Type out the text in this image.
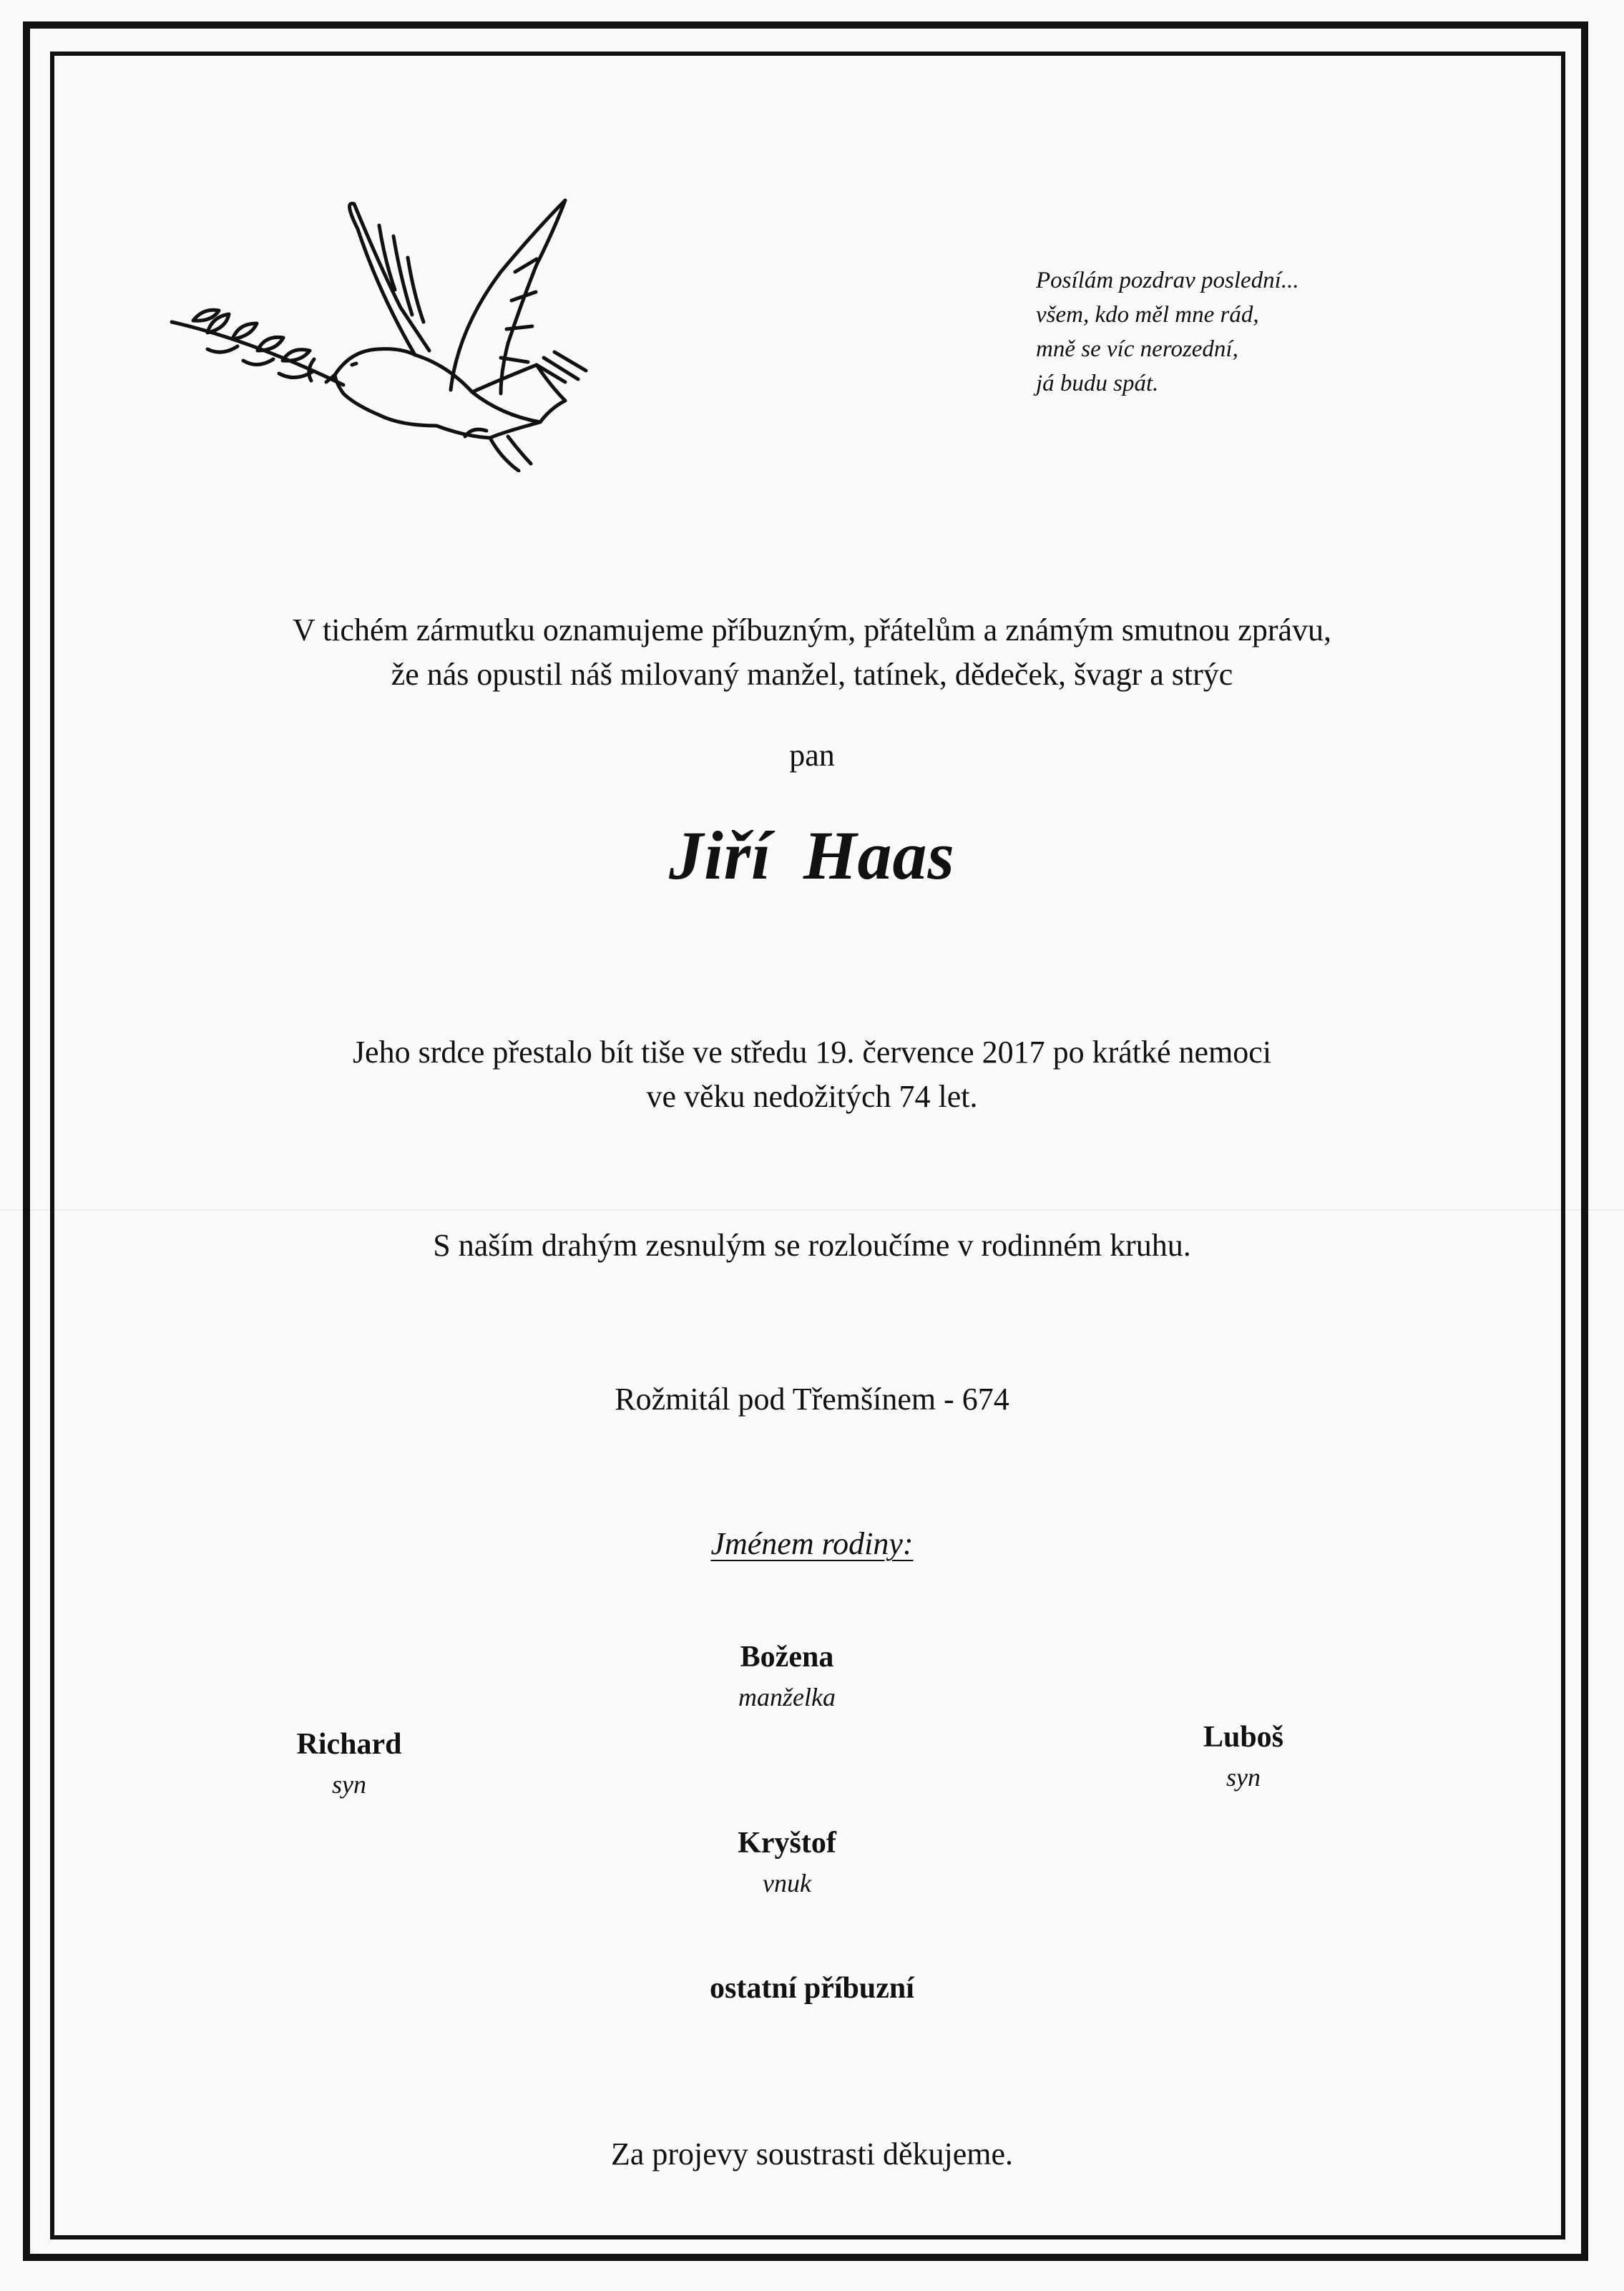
Posílám pozdrav poslední...
všem, kdo měl mne rád,
mně se víc nerozední,
já budu spát.
V tichém zármutku oznamujeme příbuzným, přátelům a známým smutnou zprávu,
že nás opustil náš milovaný manžel, tatínek, dědeček, švagr a strýc
pan
Jiří Haas
Jeho srdce přestalo bít tiše ve středu 19. července 2017 po krátké nemoci
ve věku nedožitých 74 let.
S naším drahým zesnulým se rozloučíme v rodinném kruhu.
Rožmitál pod Třemšínem - 674
Jménem rodiny:
Božena
manželka
Richard
syn
Luboš
syn
Kryštof
vnuk
ostatní příbuzní
Za projevy soustrasti děkujeme.
